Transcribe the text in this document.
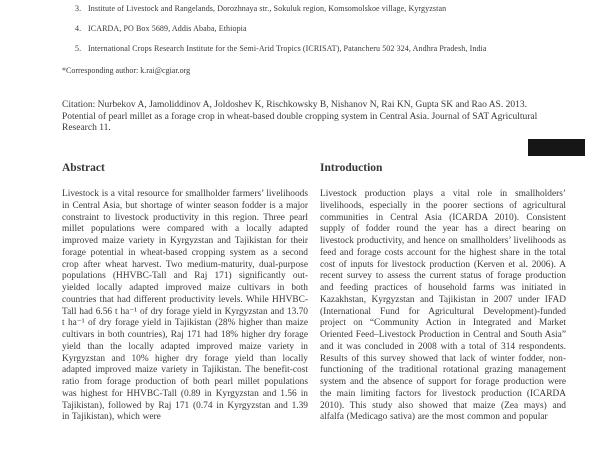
3. Institute of Livestock and Rangelands, Dorozhnaya str., Sokuluk region, Komsomolskoe village, Kyrgyzstan
4. ICARDA, PO Box 5689, Addis Ababa, Ethiopia
5. International Crops Research Institute for the Semi-Arid Tropics (ICRISAT), Patancheru 502 324, Andhra Pradesh, India
*Corresponding author: k.rai@cgiar.org
Citation: Nurbekov A, Jamoliddinov A, Joldoshev K, Rischkowsky B, Nishanov N, Rai KN, Gupta SK and Rao AS. 2013. Potential of pearl millet as a forage crop in wheat-based double cropping system in Central Asia. Journal of SAT Agricultural Research 11.
Abstract

Livestock is a vital resource for smallholder farmers’ livelihoods in Central Asia, but shortage of winter season fodder is a major constraint to livestock productivity in this region. Three pearl millet populations were compared with a locally adapted improved maize variety in Kyrgyzstan and Tajikistan for their forage potential in wheat-based cropping system as a second crop after wheat harvest. Two medium-maturity, dual-purpose populations (HHVBC-Tall and Raj 171) significantly out-yielded locally adapted improved maize cultivars in both countries that had different productivity levels. While HHVBC-Tall had 6.56 t ha⁻¹ of dry forage yield in Kyrgyzstan and 13.70 t ha⁻¹ of dry forage yield in Tajikistan (28% higher than maize cultivars in both countries), Raj 171 had 18% higher dry forage yield than the locally adapted improved maize variety in Kyrgyzstan and 10% higher dry forage yield than locally adapted improved maize variety in Tajikistan. The benefit-cost ratio from forage production of both pearl millet populations was highest for HHVBC-Tall (0.89 in Kyrgyzstan and 1.56 in Tajikistan), followed by Raj 171 (0.74 in Kyrgyzstan and 1.39 in Tajikistan), which were

Introduction

Livestock production plays a vital role in smallholders’ livelihoods, especially in the poorer sections of agricultural communities in Central Asia (ICARDA 2010). Consistent supply of fodder round the year has a direct bearing on livestock productivity, and hence on smallholders’ livelihoods as feed and forage costs account for the highest share in the total cost of inputs for livestock production (Kerven et al. 2006). A recent survey to assess the current status of forage production and feeding practices of household farms was initiated in Kazakhstan, Kyrgyzstan and Tajikistan in 2007 under IFAD (International Fund for Agricultural Development)-funded project on “Community Action in Integrated and Market Oriented Feed–Livestock Production in Central and South Asia” and it was concluded in 2008 with a total of 314 respondents. Results of this survey showed that lack of winter fodder, non-functioning of the traditional rotational grazing management system and the absence of support for forage production were the main limiting factors for livestock production (ICARDA 2010). This study also showed that maize (Zea mays) and alfalfa (Medicago sativa) are the most common and popular
